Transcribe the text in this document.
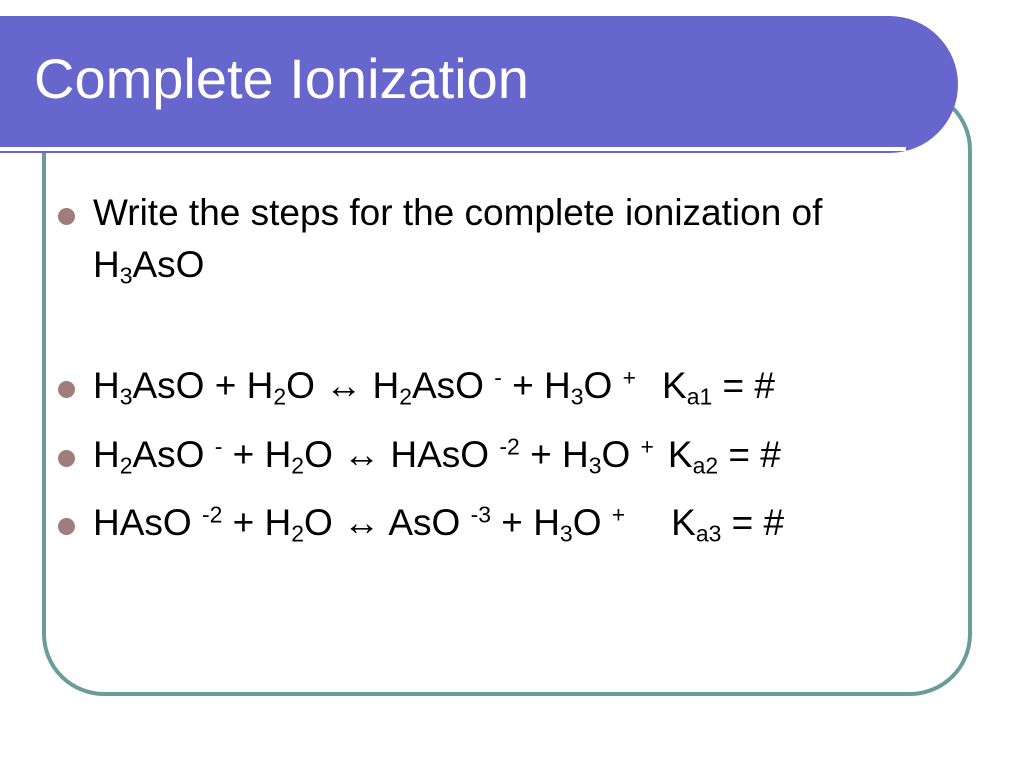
Complete Ionization
Write the steps for the complete ionization of
$H_3AsO$
$H_3AsO + H_2O$ ↔ $H_2AsO$ $^- + H_3O$ + $K_{a1}$ = #
$H_2AsO$ $^- + H_2O$ ↔ HAsO $^{-2} + H_3O$ + $K_{a2}$ = #
HAsO $^{-2} + H_2O$ ↔ AsO $^{-3} + H_3O$ + $K_{a3}$ = #
